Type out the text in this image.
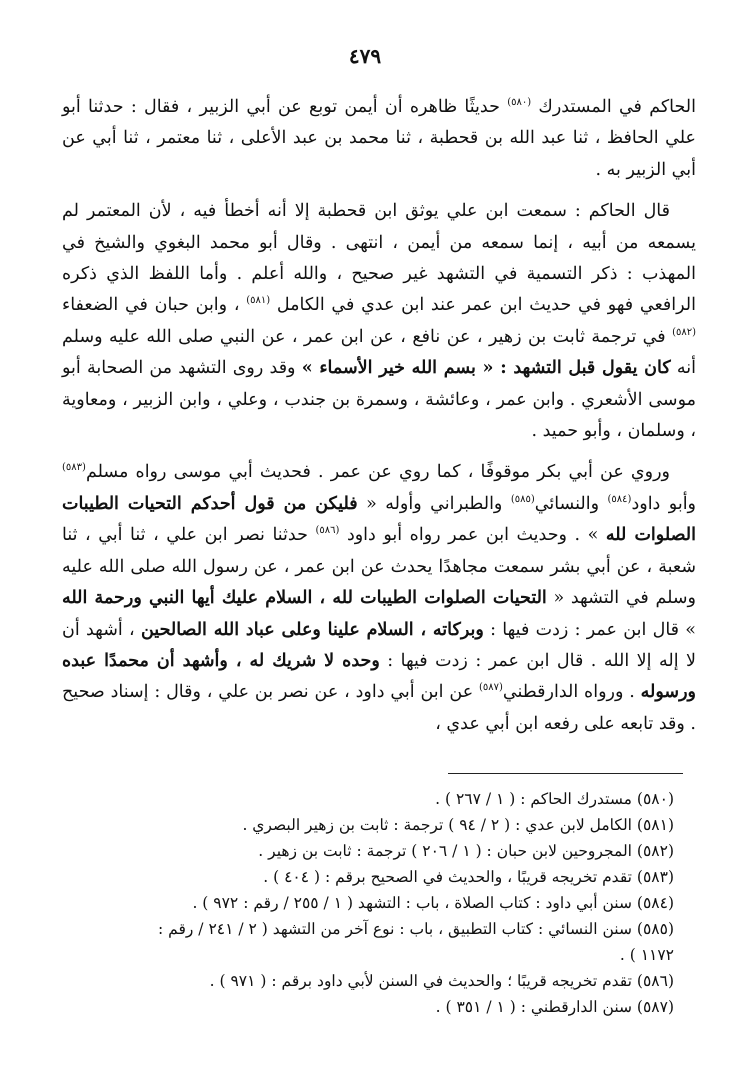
٤٧٩

الحاكم في المستدرك $^{(٥٨٠)}$ حديثًا ظاهره أن أيمن توبع عن أبي الزبير ، فقال : حدثنا أبو علي الحافظ ، ثنا عبد الله بن قحطبة ، ثنا محمد بن عبد الأعلى ، ثنا معتمر ، ثنا أبي عن أبي الزبير به .

قال الحاكم : سمعت ابن علي يوثق ابن قحطبة إلا أنه أخطأ فيه ، لأن المعتمر لم يسمعه من أبيه ، إنما سمعه من أيمن ، انتهى . وقال أبو محمد البغوي والشيخ في المهذب : ذكر التسمية في التشهد غير صحيح ، والله أعلم . وأما اللفظ الذي ذكره الرافعي فهو في حديث ابن عمر عند ابن عدي في الكامل $^{(٥٨١)}$ ، وابن حبان في الضعفاء $^{(٥٨٢)}$ في ترجمة ثابت بن زهير ، عن نافع ، عن ابن عمر ، عن النبي صلى الله عليه وسلم أنه كان يقول قبل التشهد : « بسم الله خير الأسماء » وقد روى التشهد من الصحابة أبو موسى الأشعري . وابن عمر ، وعائشة ، وسمرة بن جندب ، وعلي ، وابن الزبير ، ومعاوية ، وسلمان ، وأبو حميد .

وروي عن أبي بكر موقوفًا ، كما روي عن عمر . فحديث أبي موسى رواه مسلم$^{(٥٨٣)}$ وأبو داود$^{(٥٨٤)}$ والنسائي$^{(٥٨٥)}$ والطبراني وأوله « فليكن من قول أحدكم التحيات الطيبات الصلوات لله » . وحديث ابن عمر رواه أبو داود $^{(٥٨٦)}$ حدثنا نصر ابن علي ، ثنا أبي ، ثنا شعبة ، عن أبي بشر سمعت مجاهدًا يحدث عن ابن عمر ، عن رسول الله صلى الله عليه وسلم في التشهد « التحيات الصلوات الطيبات لله ، السلام عليك أيها النبي ورحمة الله » قال ابن عمر : زدت فيها : وبركاته ، السلام علينا وعلى عباد الله الصالحين ، أشهد أن لا إله إلا الله . قال ابن عمر : زدت فيها : وحده لا شريك له ، وأشهد أن محمدًا عبده ورسوله . ورواه الدارقطني$^{(٥٨٧)}$ عن ابن أبي داود ، عن نصر بن علي ، وقال : إسناد صحيح . وقد تابعه على رفعه ابن أبي عدي ،

(٥٨٠) مستدرك الحاكم : ( ١ / ٢٦٧ ) .
(٥٨١) الكامل لابن عدي : ( ٢ / ٩٤ ) ترجمة : ثابت بن زهير البصري .
(٥٨٢) المجروحين لابن حبان : ( ١ / ٢٠٦ ) ترجمة : ثابت بن زهير .
(٥٨٣) تقدم تخريجه قريبًا ، والحديث في الصحيح برقم : ( ٤٠٤ ) .
(٥٨٤) سنن أبي داود : كتاب الصلاة ، باب : التشهد ( ١ / ٢٥٥ / رقم : ٩٧٢ ) .
(٥٨٥) سنن النسائي : كتاب التطبيق ، باب : نوع آخر من التشهد ( ٢ / ٢٤١ / رقم :
١١٧٢ ) .
(٥٨٦) تقدم تخريجه قريبًا ؛ والحديث في السنن لأبي داود برقم : ( ٩٧١ ) .
(٥٨٧) سنن الدارقطني : ( ١ / ٣٥١ ) .
